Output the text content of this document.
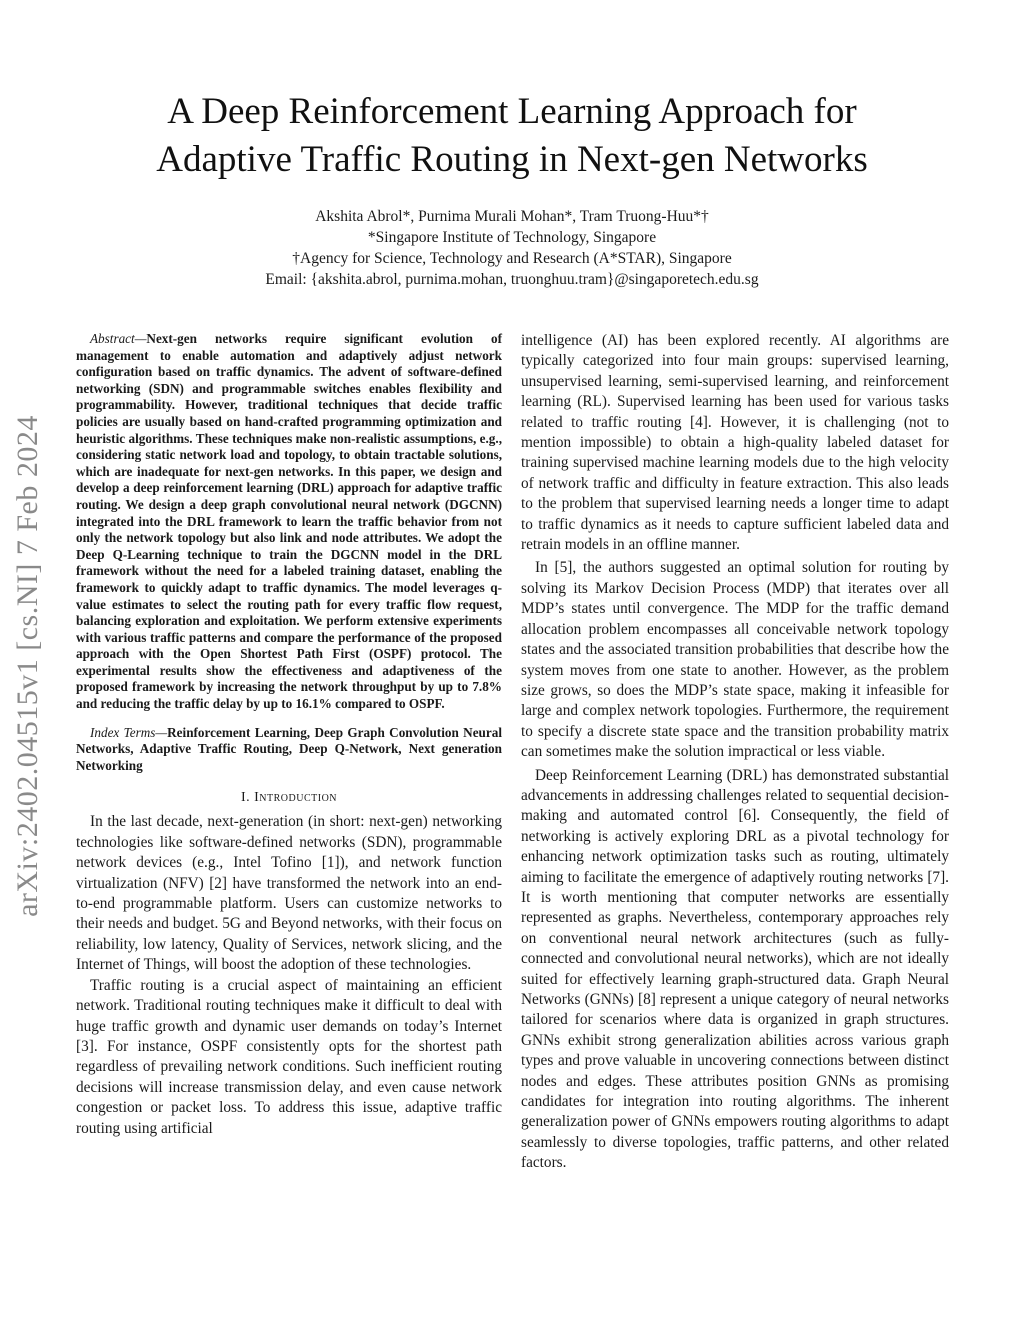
arXiv:2402.04515v1 [cs.NI] 7 Feb 2024
A Deep Reinforcement Learning Approach for
Adaptive Traffic Routing in Next-gen Networks
Akshita Abrol*, Purnima Murali Mohan*, Tram Truong-Huu*†
*Singapore Institute of Technology, Singapore
†Agency for Science, Technology and Research (A*STAR), Singapore
Email: {akshita.abrol, purnima.mohan, truonghuu.tram}@singaporetech.edu.sg

Abstract—Next-gen networks require significant evolution of management to enable automation and adaptively adjust network configuration based on traffic dynamics. The advent of software-defined networking (SDN) and programmable switches enables flexibility and programmability. However, traditional techniques that decide traffic policies are usually based on hand-crafted programming optimization and heuristic algorithms. These techniques make non-realistic assumptions, e.g., considering static network load and topology, to obtain tractable solutions, which are inadequate for next-gen networks. In this paper, we design and develop a deep reinforcement learning (DRL) approach for adaptive traffic routing. We design a deep graph convolutional neural network (DGCNN) integrated into the DRL framework to learn the traffic behavior from not only the network topology but also link and node attributes. We adopt the Deep Q-Learning technique to train the DGCNN model in the DRL framework without the need for a labeled training dataset, enabling the framework to quickly adapt to traffic dynamics. The model leverages q-value estimates to select the routing path for every traffic flow request, balancing exploration and exploitation. We perform extensive experiments with various traffic patterns and compare the performance of the proposed approach with the Open Shortest Path First (OSPF) protocol. The experimental results show the effectiveness and adaptiveness of the proposed framework by increasing the network throughput by up to 7.8% and reducing the traffic delay by up to 16.1% compared to OSPF.

Index Terms—Reinforcement Learning, Deep Graph Convolution Neural Networks, Adaptive Traffic Routing, Deep Q-Network, Next generation Networking

I. Introduction

In the last decade, next-generation (in short: next-gen) networking technologies like software-defined networks (SDN), programmable network devices (e.g., Intel Tofino [1]), and network function virtualization (NFV) [2] have transformed the network into an end-to-end programmable platform. Users can customize networks to their needs and budget. 5G and Beyond networks, with their focus on reliability, low latency, Quality of Services, network slicing, and the Internet of Things, will boost the adoption of these technologies.

Traffic routing is a crucial aspect of maintaining an efficient network. Traditional routing techniques make it difficult to deal with huge traffic growth and dynamic user demands on today’s Internet [3]. For instance, OSPF consistently opts for the shortest path regardless of prevailing network conditions. Such inefficient routing decisions will increase transmission delay, and even cause network congestion or packet loss. To address this issue, adaptive traffic routing using artificial

intelligence (AI) has been explored recently. AI algorithms are typically categorized into four main groups: supervised learning, unsupervised learning, semi-supervised learning, and reinforcement learning (RL). Supervised learning has been used for various tasks related to traffic routing [4]. However, it is challenging (not to mention impossible) to obtain a high-quality labeled dataset for training supervised machine learning models due to the high velocity of network traffic and difficulty in feature extraction. This also leads to the problem that supervised learning needs a longer time to adapt to traffic dynamics as it needs to capture sufficient labeled data and retrain models in an offline manner.

In [5], the authors suggested an optimal solution for routing by solving its Markov Decision Process (MDP) that iterates over all MDP’s states until convergence. The MDP for the traffic demand allocation problem encompasses all conceivable network topology states and the associated transition probabilities that describe how the system moves from one state to another. However, as the problem size grows, so does the MDP’s state space, making it infeasible for large and complex network topologies. Furthermore, the requirement to specify a discrete state space and the transition probability matrix can sometimes make the solution impractical or less viable.

Deep Reinforcement Learning (DRL) has demonstrated substantial advancements in addressing challenges related to sequential decision-making and automated control [6]. Consequently, the field of networking is actively exploring DRL as a pivotal technology for enhancing network optimization tasks such as routing, ultimately aiming to facilitate the emergence of adaptively routing networks [7]. It is worth mentioning that computer networks are essentially represented as graphs. Nevertheless, contemporary approaches rely on conventional neural network architectures (such as fully-connected and convolutional neural networks), which are not ideally suited for effectively learning graph-structured data. Graph Neural Networks (GNNs) [8] represent a unique category of neural networks tailored for scenarios where data is organized in graph structures. GNNs exhibit strong generalization abilities across various graph types and prove valuable in uncovering connections between distinct nodes and edges. These attributes position GNNs as promising candidates for integration into routing algorithms. The inherent generalization power of GNNs empowers routing algorithms to adapt seamlessly to diverse topologies, traffic patterns, and other related factors.
